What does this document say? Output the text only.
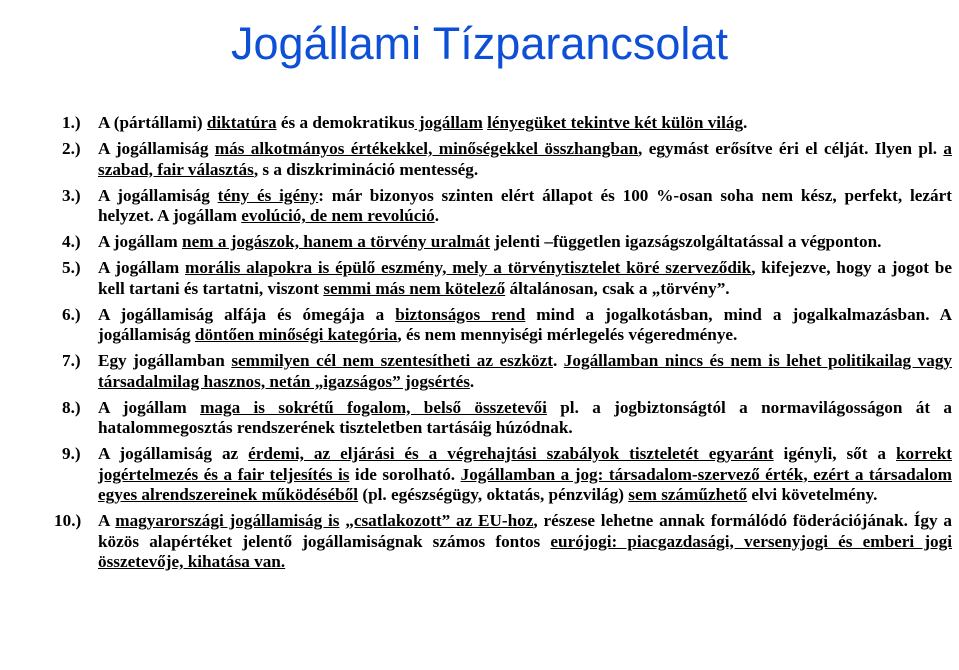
Jogállami Tízparancsolat
1.) A (pártállami) diktatúra és a demokratikus jogállam lényegüket tekintve két külön világ.
2.) A jogállamiság más alkotmányos értékekkel, minőségekkel összhangban, egymást erősítve éri el célját. Ilyen pl. a szabad, fair választás, s a diszkrimináció mentesség.
3.) A jogállamiság tény és igény: már bizonyos szinten elért állapot és 100 %-osan soha nem kész, perfekt, lezárt helyzet. A jogállam evolúció, de nem revolúció.
4.) A jogállam nem a jogászok, hanem a törvény uralmát jelenti –független igazságszolgáltatással a végponton.
5.) A jogállam morális alapokra is épülő eszmény, mely a törvénytisztelet köré szerveződik, kifejezve, hogy a jogot be kell tartani és tartatni, viszont semmi más nem kötelező általánosan, csak a „törvény”.
6.) A jogállamiság alfája és ómegája a biztonságos rend mind a jogalkotásban, mind a jogalkalmazásban. A jogállamiság döntően minőségi kategória, és nem mennyiségi mérlegelés végeredménye.
7.) Egy jogállamban semmilyen cél nem szentesítheti az eszközt. Jogállamban nincs és nem is lehet politikailag vagy társadalmilag hasznos, netán „igazságos” jogsértés.
8.) A jogállam maga is sokrétű fogalom, belső összetevői pl. a jogbiztonságtól a normavilágosságon át a hatalommegosztás rendszerének tiszteletben tartásáig húzódnak.
9.) A jogállamiság az érdemi, az eljárási és a végrehajtási szabályok tiszteletét egyaránt igényli, sőt a korrekt jogértelmezés és a fair teljesítés is ide sorolható. Jogállamban a jog: társadalom-szervező érték, ezért a társadalom egyes alrendszereinek működéséből (pl. egészségügy, oktatás, pénzvilág) sem száműzhető elvi követelmény.
10.) A magyarországi jogállamiság is „csatlakozott” az EU-hoz, részese lehetne annak formálódó föderációjának. Így a közös alapértéket jelentő jogállamiságnak számos fontos eurójogi: piacgazdasági, versenyjogi és emberi jogi összetevője, kihatása van.
